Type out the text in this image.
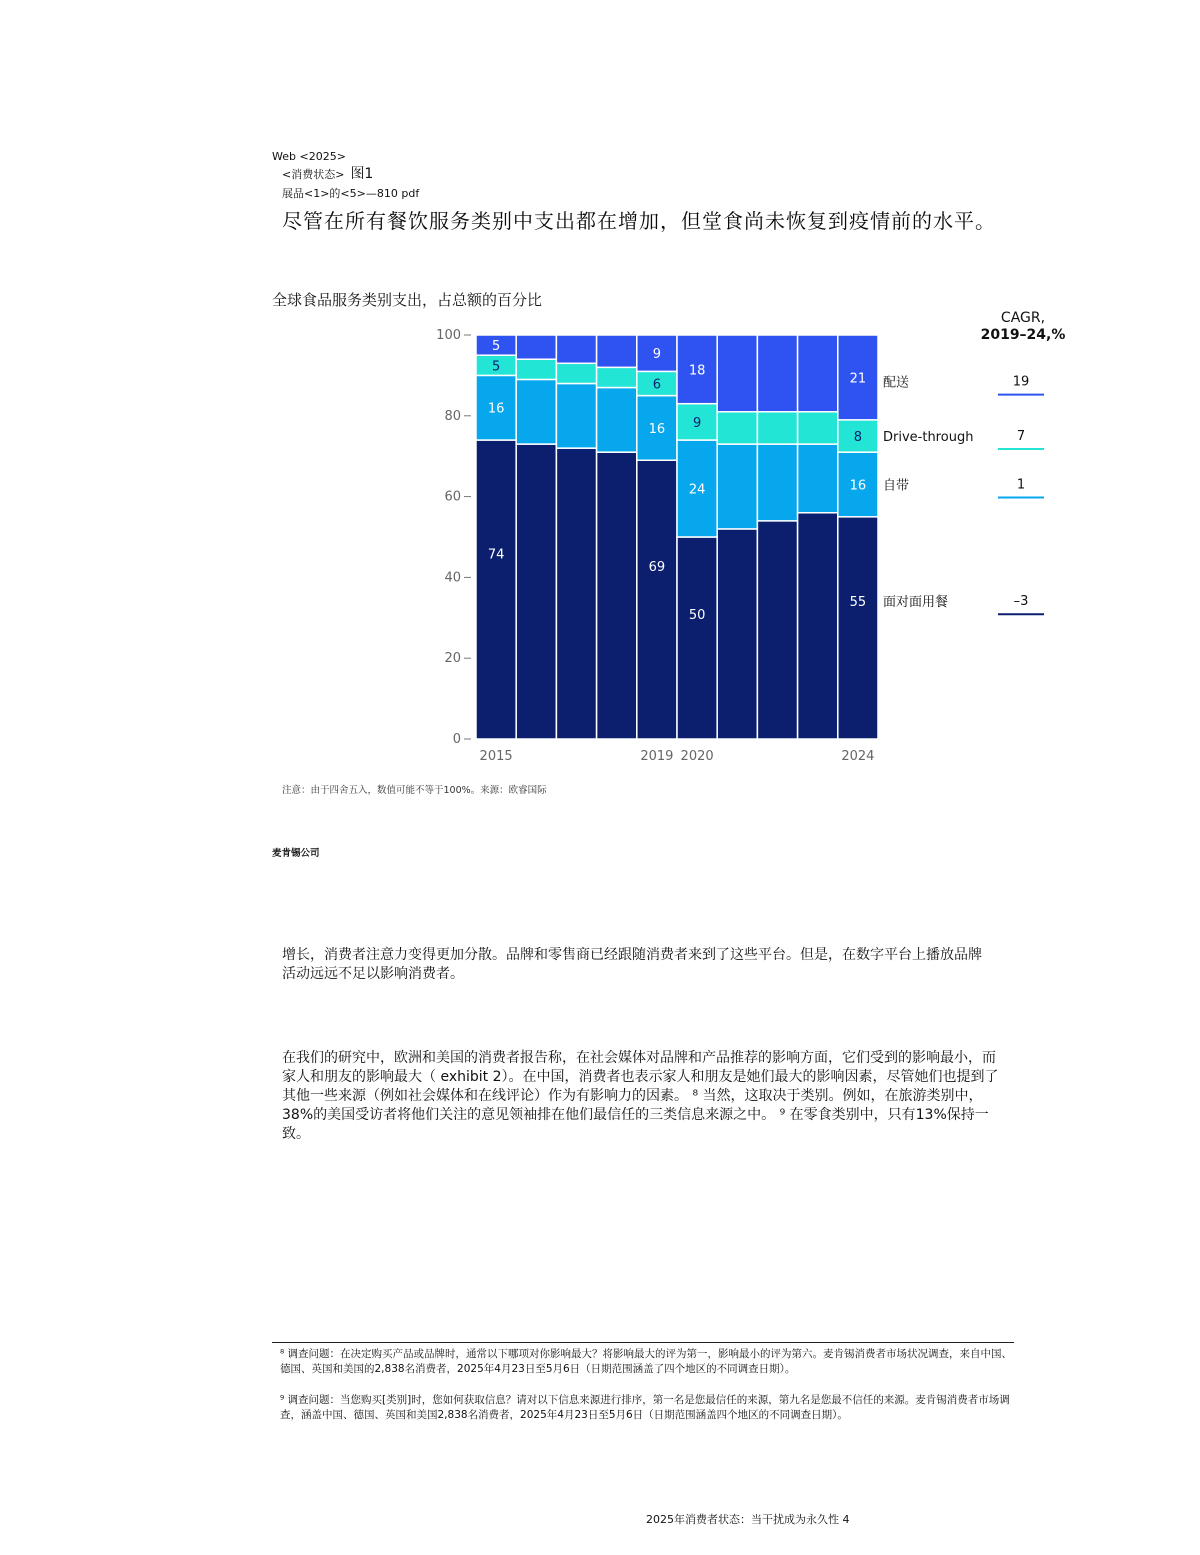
Web <2025>
<消费状态> 图1
展品<1>的<5>—810 pdf
尽管在所有餐饮服务类别中支出都在增加，但堂食尚未恢复到疫情前的水平。
全球食品服务类别支出，占总额的百分比
CAGR,
2019–24,%
0
20
40
60
80
100
74
16
5
5
2015
69
16
6
9
2019
50
24
9
18
2020
55
16
8
21
2024
面对面用餐	–3
自带	1
Drive-through	7
配送	19
注意：由于四舍五入，数值可能不等于100%。来源：欧睿国际
麦肯锡公司
增长，消费者注意力变得更加分散。品牌和零售商已经跟随消费者来到了这些平台。但是，在数字平台上播放品牌活动远远不足以影响消费者。
在我们的研究中，欧洲和美国的消费者报告称，在社会媒体对品牌和产品推荐的影响方面，它们受到的影响最小，而家人和朋友的影响最大（ exhibit 2）。在中国，消费者也表示家人和朋友是她们最大的影响因素，尽管她们也提到了其他一些来源（例如社会媒体和在线评论）作为有影响力的因素。 ⁸ 当然，这取决于类别。例如，在旅游类别中，38%的美国受访者将他们关注的意见领袖排在他们最信任的三类信息来源之中。 ⁹ 在零食类别中，只有13%保持一致。
⁸ 调查问题：在决定购买产品或品牌时，通常以下哪项对你影响最大？将影响最大的评为第一，影响最小的评为第六。麦肯锡消费者市场状况调查，来自中国、德国、英国和美国的2,838名消费者，2025年4月23日至5月6日（日期范围涵盖了四个地区的不同调查日期）。
⁹ 调查问题：当您购买[类别]时，您如何获取信息？请对以下信息来源进行排序，第一名是您最信任的来源，第九名是您最不信任的来源。麦肯锡消费者市场调查，涵盖中国、德国、英国和美国2,838名消费者，2025年4月23日至5月6日（日期范围涵盖四个地区的不同调查日期）。
2025年消费者状态：当干扰成为永久性 4
